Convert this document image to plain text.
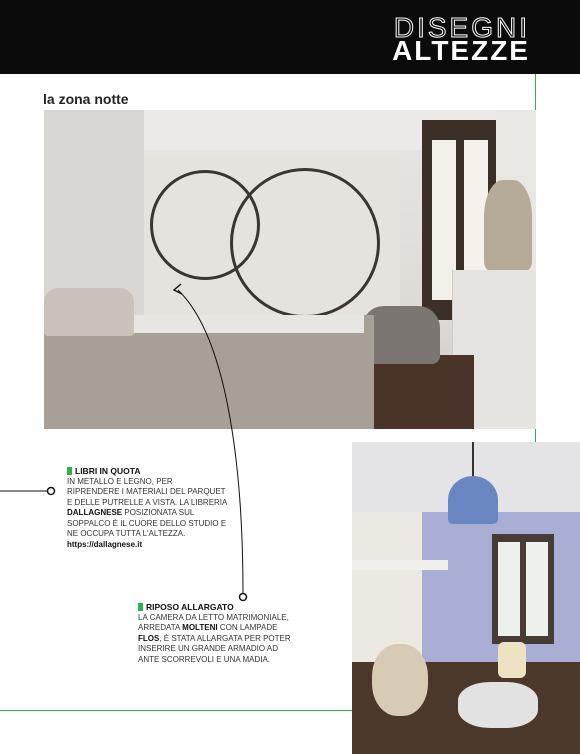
DISEGNI
ALTEZZE
la zona notte
LIBRI IN QUOTA
IN METALLO E LEGNO, PER RIPRENDERE I MATERIALI DEL PARQUET E DELLE PUTRELLE A VISTA. LA LIBRERIA DALLAGNESE POSIZIONATA SUL SOPPALCO È IL CUORE DELLO STUDIO E NE OCCUPA TUTTA L'ALTEZZA.
https://dallagnese.it
RIPOSO ALLARGATO
LA CAMERA DA LETTO MATRIMONIALE, ARREDATA MOLTENI CON LAMPADE FLOS, È STATA ALLARGATA PER POTER INSERIRE UN GRANDE ARMADIO AD ANTE SCORREVOLI E UNA MADIA.
